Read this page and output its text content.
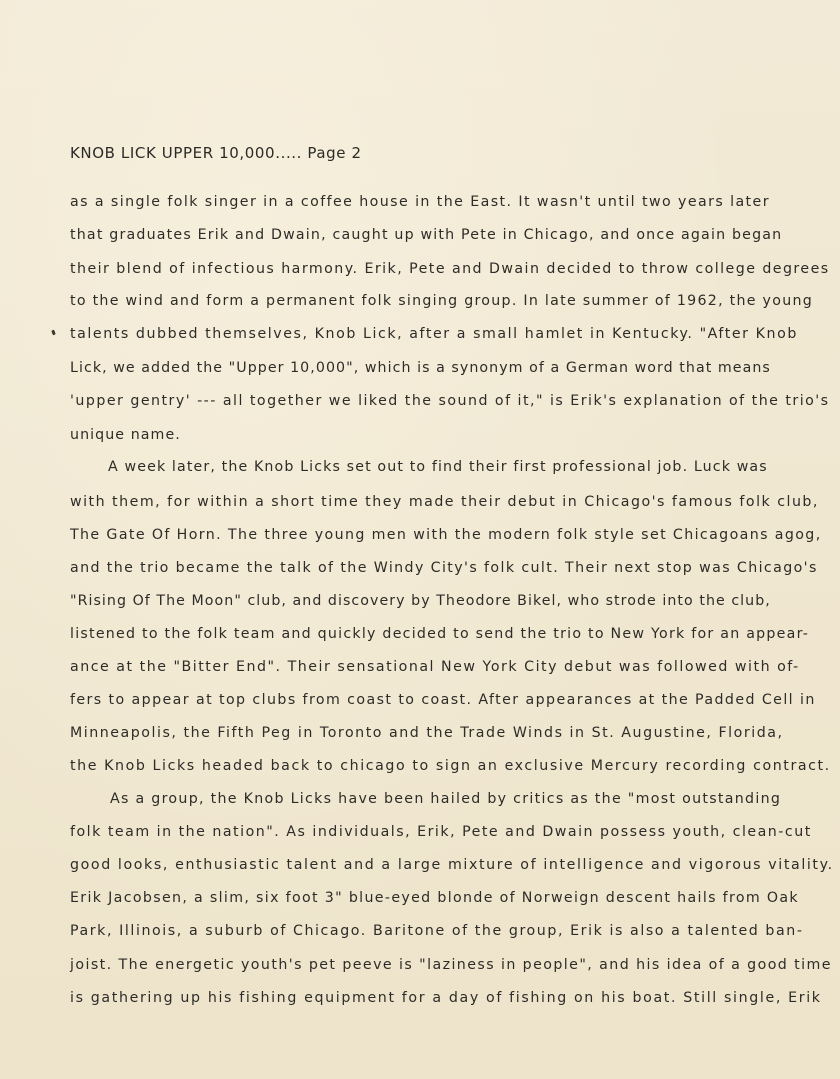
KNOB LICK UPPER 10,000..... Page 2
as a single folk singer in a coffee house in the East. It wasn't until two years later
that graduates Erik and Dwain, caught up with Pete in Chicago, and once again began
their blend of infectious harmony. Erik, Pete and Dwain decided to throw college degrees
to the wind and form a permanent folk singing group. In late summer of 1962, the young
talents dubbed themselves, Knob Lick, after a small hamlet in Kentucky. "After Knob
Lick, we added the "Upper 10,000", which is a synonym of a German word that means
'upper gentry' --- all together we liked the sound of it," is Erik's explanation of the trio's
unique name.
A week later, the Knob Licks set out to find their first professional job. Luck was
with them, for within a short time they made their debut in Chicago's famous folk club,
The Gate Of Horn. The three young men with the modern folk style set Chicagoans agog,
and the trio became the talk of the Windy City's folk cult. Their next stop was Chicago's
"Rising Of The Moon" club, and discovery by Theodore Bikel, who strode into the club,
listened to the folk team and quickly decided to send the trio to New York for an appear-
ance at the "Bitter End". Their sensational New York City debut was followed with of-
fers to appear at top clubs from coast to coast. After appearances at the Padded Cell in
Minneapolis, the Fifth Peg in Toronto and the Trade Winds in St. Augustine, Florida,
the Knob Licks headed back to chicago to sign an exclusive Mercury recording contract.
As a group, the Knob Licks have been hailed by critics as the "most outstanding
folk team in the nation". As individuals, Erik, Pete and Dwain possess youth, clean-cut
good looks, enthusiastic talent and a large mixture of intelligence and vigorous vitality.
Erik Jacobsen, a slim, six foot 3" blue-eyed blonde of Norweign descent hails from Oak
Park, Illinois, a suburb of Chicago. Baritone of the group, Erik is also a talented ban-
joist. The energetic youth's pet peeve is "laziness in people", and his idea of a good time
is gathering up his fishing equipment for a day of fishing on his boat. Still single, Erik
